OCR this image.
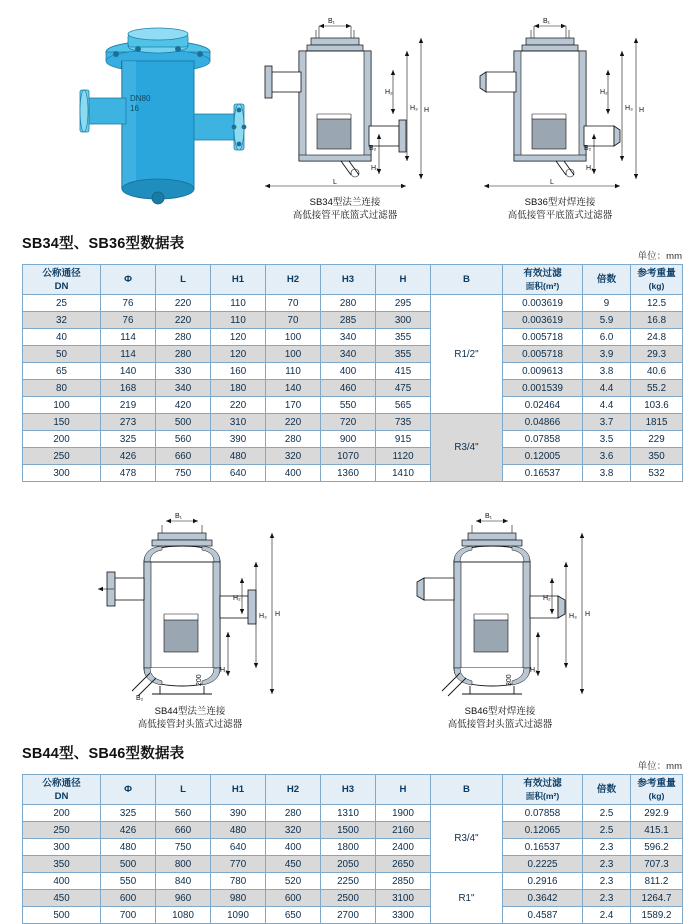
DN80
16
B₁
B₂
H₃ H
H₂
H₁
L
SB34型法兰连接
高低接管平底篮式过滤器
B₁
B₂
H₃ H
H₂
H₁
L
SB36型对焊连接
高低接管平底篮式过滤器
SB34型、SB36型数据表
单位：mm
公称通径
DN
	Φ	L	H1	H2	H3	H	B	
有效过滤
面积(m²)
	倍数	
参考重量
(kg)

25	76	220	110	70	280	295	R1/2"	0.003619	9	12.5
32	76	220	110	70	285	300		0.003619	5.9	16.8
40	114	280	120	100	340	355		0.005718	6.0	24.8
50	114	280	120	100	340	355		0.005718	3.9	29.3
65	140	330	160	110	400	415		0.009613	3.8	40.6
80	168	340	180	140	460	475		0.001539	4.4	55.2
100	219	420	220	170	550	565		0.02464	4.4	103.6
150	273	500	310	220	720	735	R3/4"	0.04866	3.7	1815
200	325	560	390	280	900	915		0.07858	3.5	229
250	426	660	480	320	1070	1120		0.12005	3.6	350
300	478	750	640	400	1360	1410		0.16537	3.8	532
B₁
B₂
H₃ H
H₂
H₁
200
SB44型法兰连接
高低接管封头篮式过滤器
B₁
H₃ H
H₂
H₁
300
SB46型对焊连接
高低接管封头篮式过滤器
SB44型、SB46型数据表
单位：mm
公称通径
DN
	Φ	L	H1	H2	H3	H	B	
有效过滤
面积(m²)
	倍数	
参考重量
(kg)

200	325	560	390	280	1310	1900	R3/4"	0.07858	2.5	292.9
250	426	660	480	320	1500	2160		0.12065	2.5	415.1
300	480	750	640	400	1800	2400		0.16537	2.3	596.2
350	500	800	770	450	2050	2650		0.2225	2.3	707.3
400	550	840	780	520	2250	2850	R1"	0.2916	2.3	811.2
450	600	960	980	600	2500	3100		0.3642	2.3	1264.7
500	700	1080	1090	650	2700	3300		0.4587	2.4	1589.2
